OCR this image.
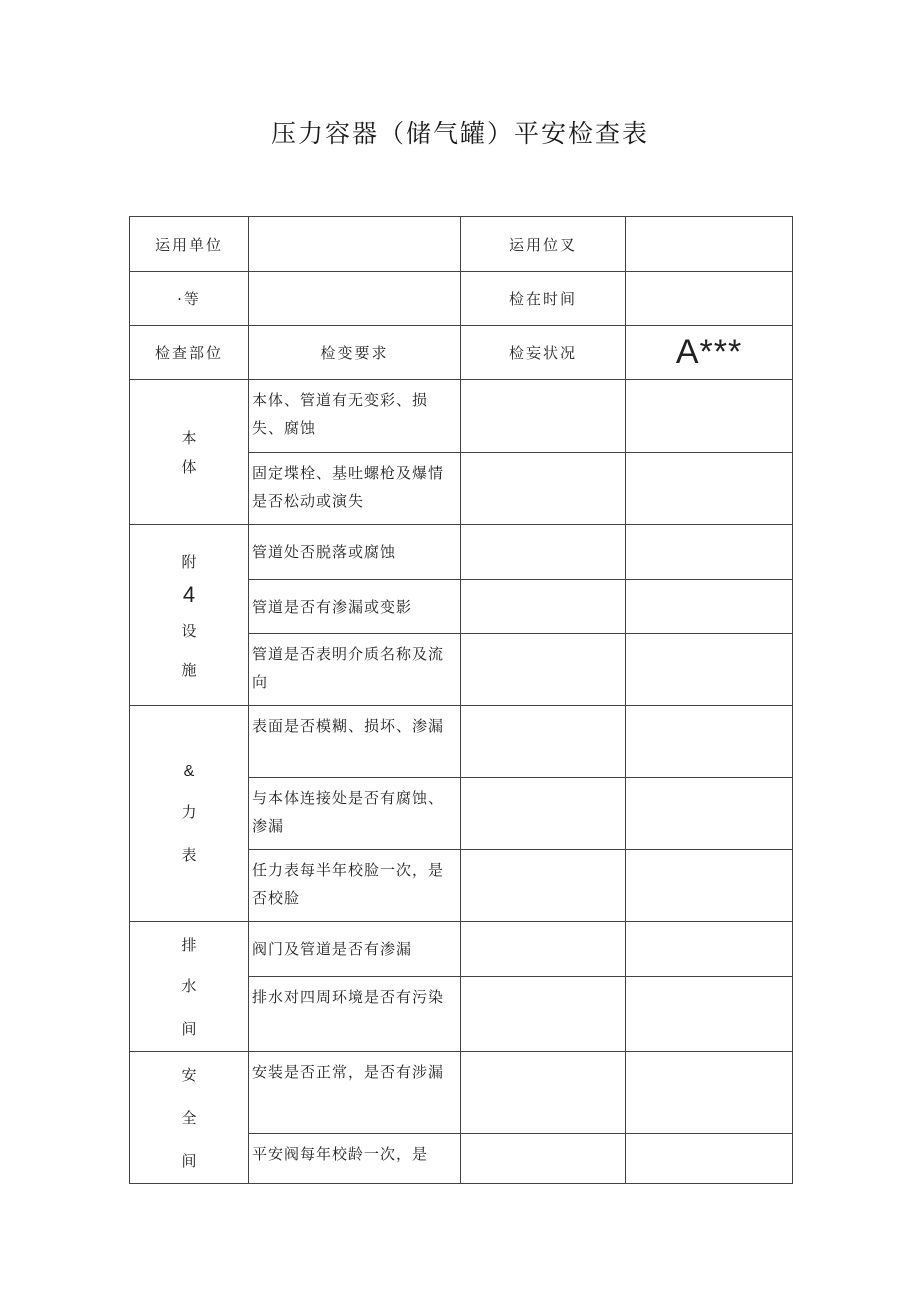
压力容器（储气罐）平安检查表
运用单位		运用位叉	
·等		检在时间	
检查部位	检变要求	检妄状况	A***

本
体	本体、管道有无变彩、损失、腐蚀		
	固定堞栓、基吐螺枪及爆情是否松动或演失		

附
4
设
施	管道处否脱落或腐蚀		
	管道是否有渗漏或变影		
	管道是否表明介质名称及流向		

&
力
表	表面是否模糊、损坏、渗漏		
	与本体连接处是否有腐蚀、渗漏		
	任力表每半年校脸一次，是否校脸		

排
水
间	阀门及管道是否有渗漏		
	排水对四周环境是否有污染		

安
全
间	安装是否正常，是否有涉漏		
	平安阀每年校龄一次，是		
